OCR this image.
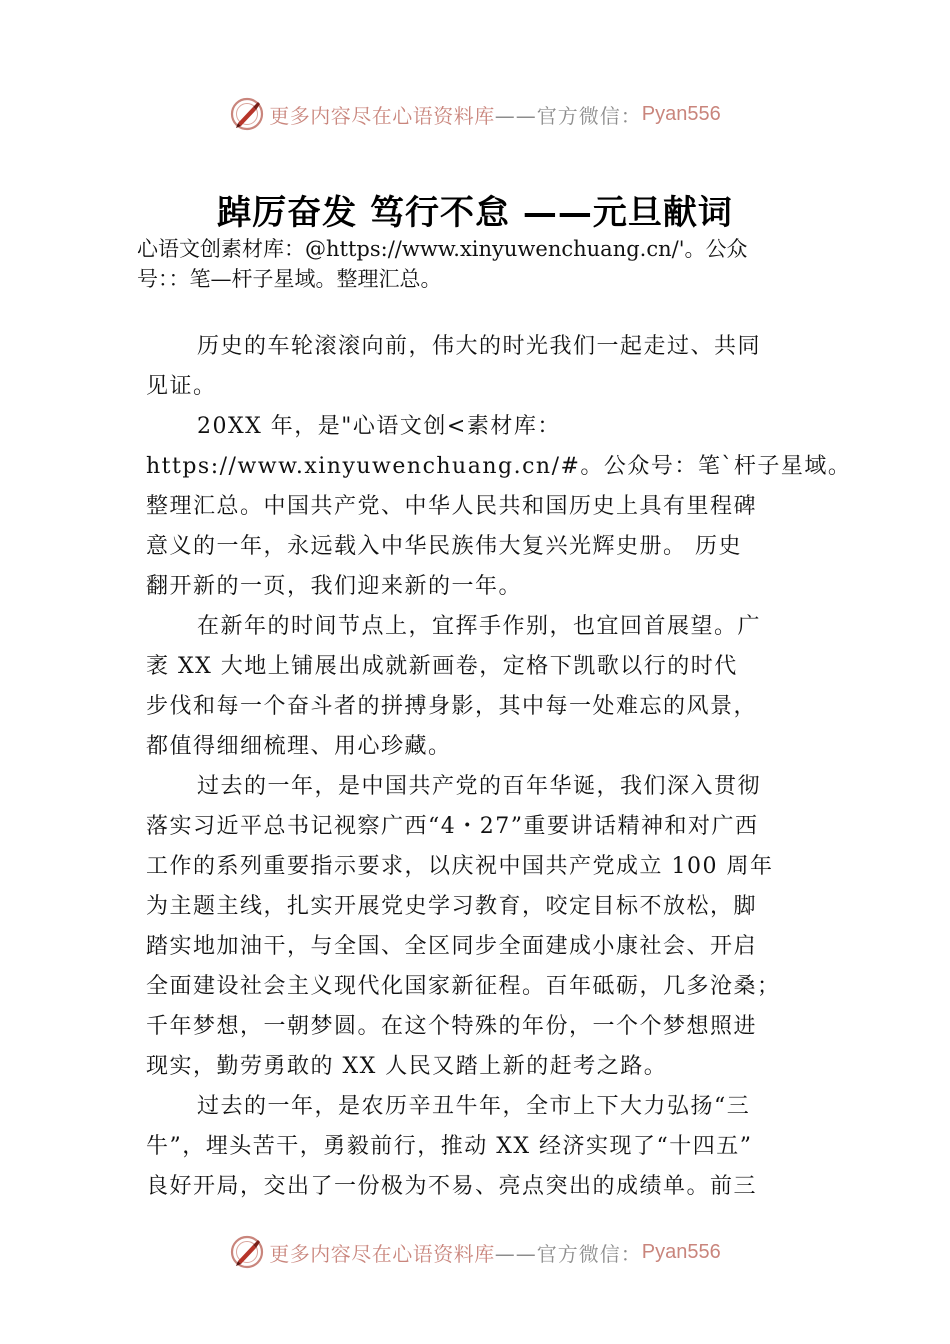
更多内容尽在心语资料库 ——官方微信： Pyan556
踔厉奋发 笃行不怠 ——元旦献词
心语文创素材库：@https://www.xinyuwenchuang.cn/'。公众
号：：笔—杆子星域。整理汇总。
历史的车轮滚滚向前，伟大的时光我们一起走过、共同
见证。
20XX 年，是"心语文创<素材库：
https://www.xinyuwenchuang.cn/#。公众号：笔`杆子星域。
整理汇总。中国共产党、中华人民共和国历史上具有里程碑
意义的一年，永远载入中华民族伟大复兴光辉史册。 历史
翻开新的一页，我们迎来新的一年。
在新年的时间节点上，宜挥手作别，也宜回首展望。广
袤 XX 大地上铺展出成就新画卷，定格下凯歌以行的时代
步伐和每一个奋斗者的拼搏身影，其中每一处难忘的风景，
都值得细细梳理、用心珍藏。
过去的一年，是中国共产党的百年华诞，我们深入贯彻
落实习近平总书记视察广西“4・27”重要讲话精神和对广西
工作的系列重要指示要求，以庆祝中国共产党成立 100 周年
为主题主线，扎实开展党史学习教育，咬定目标不放松，脚
踏实地加油干，与全国、全区同步全面建成小康社会、开启
全面建设社会主义现代化国家新征程。百年砥砺，几多沧桑；
千年梦想，一朝梦圆。在这个特殊的年份，一个个梦想照进
现实，勤劳勇敢的 XX 人民又踏上新的赶考之路。
过去的一年，是农历辛丑牛年，全市上下大力弘扬“三
牛”，埋头苦干，勇毅前行，推动 XX 经济实现了“十四五”
良好开局，交出了一份极为不易、亮点突出的成绩单。前三
更多内容尽在心语资料库 ——官方微信： Pyan556
